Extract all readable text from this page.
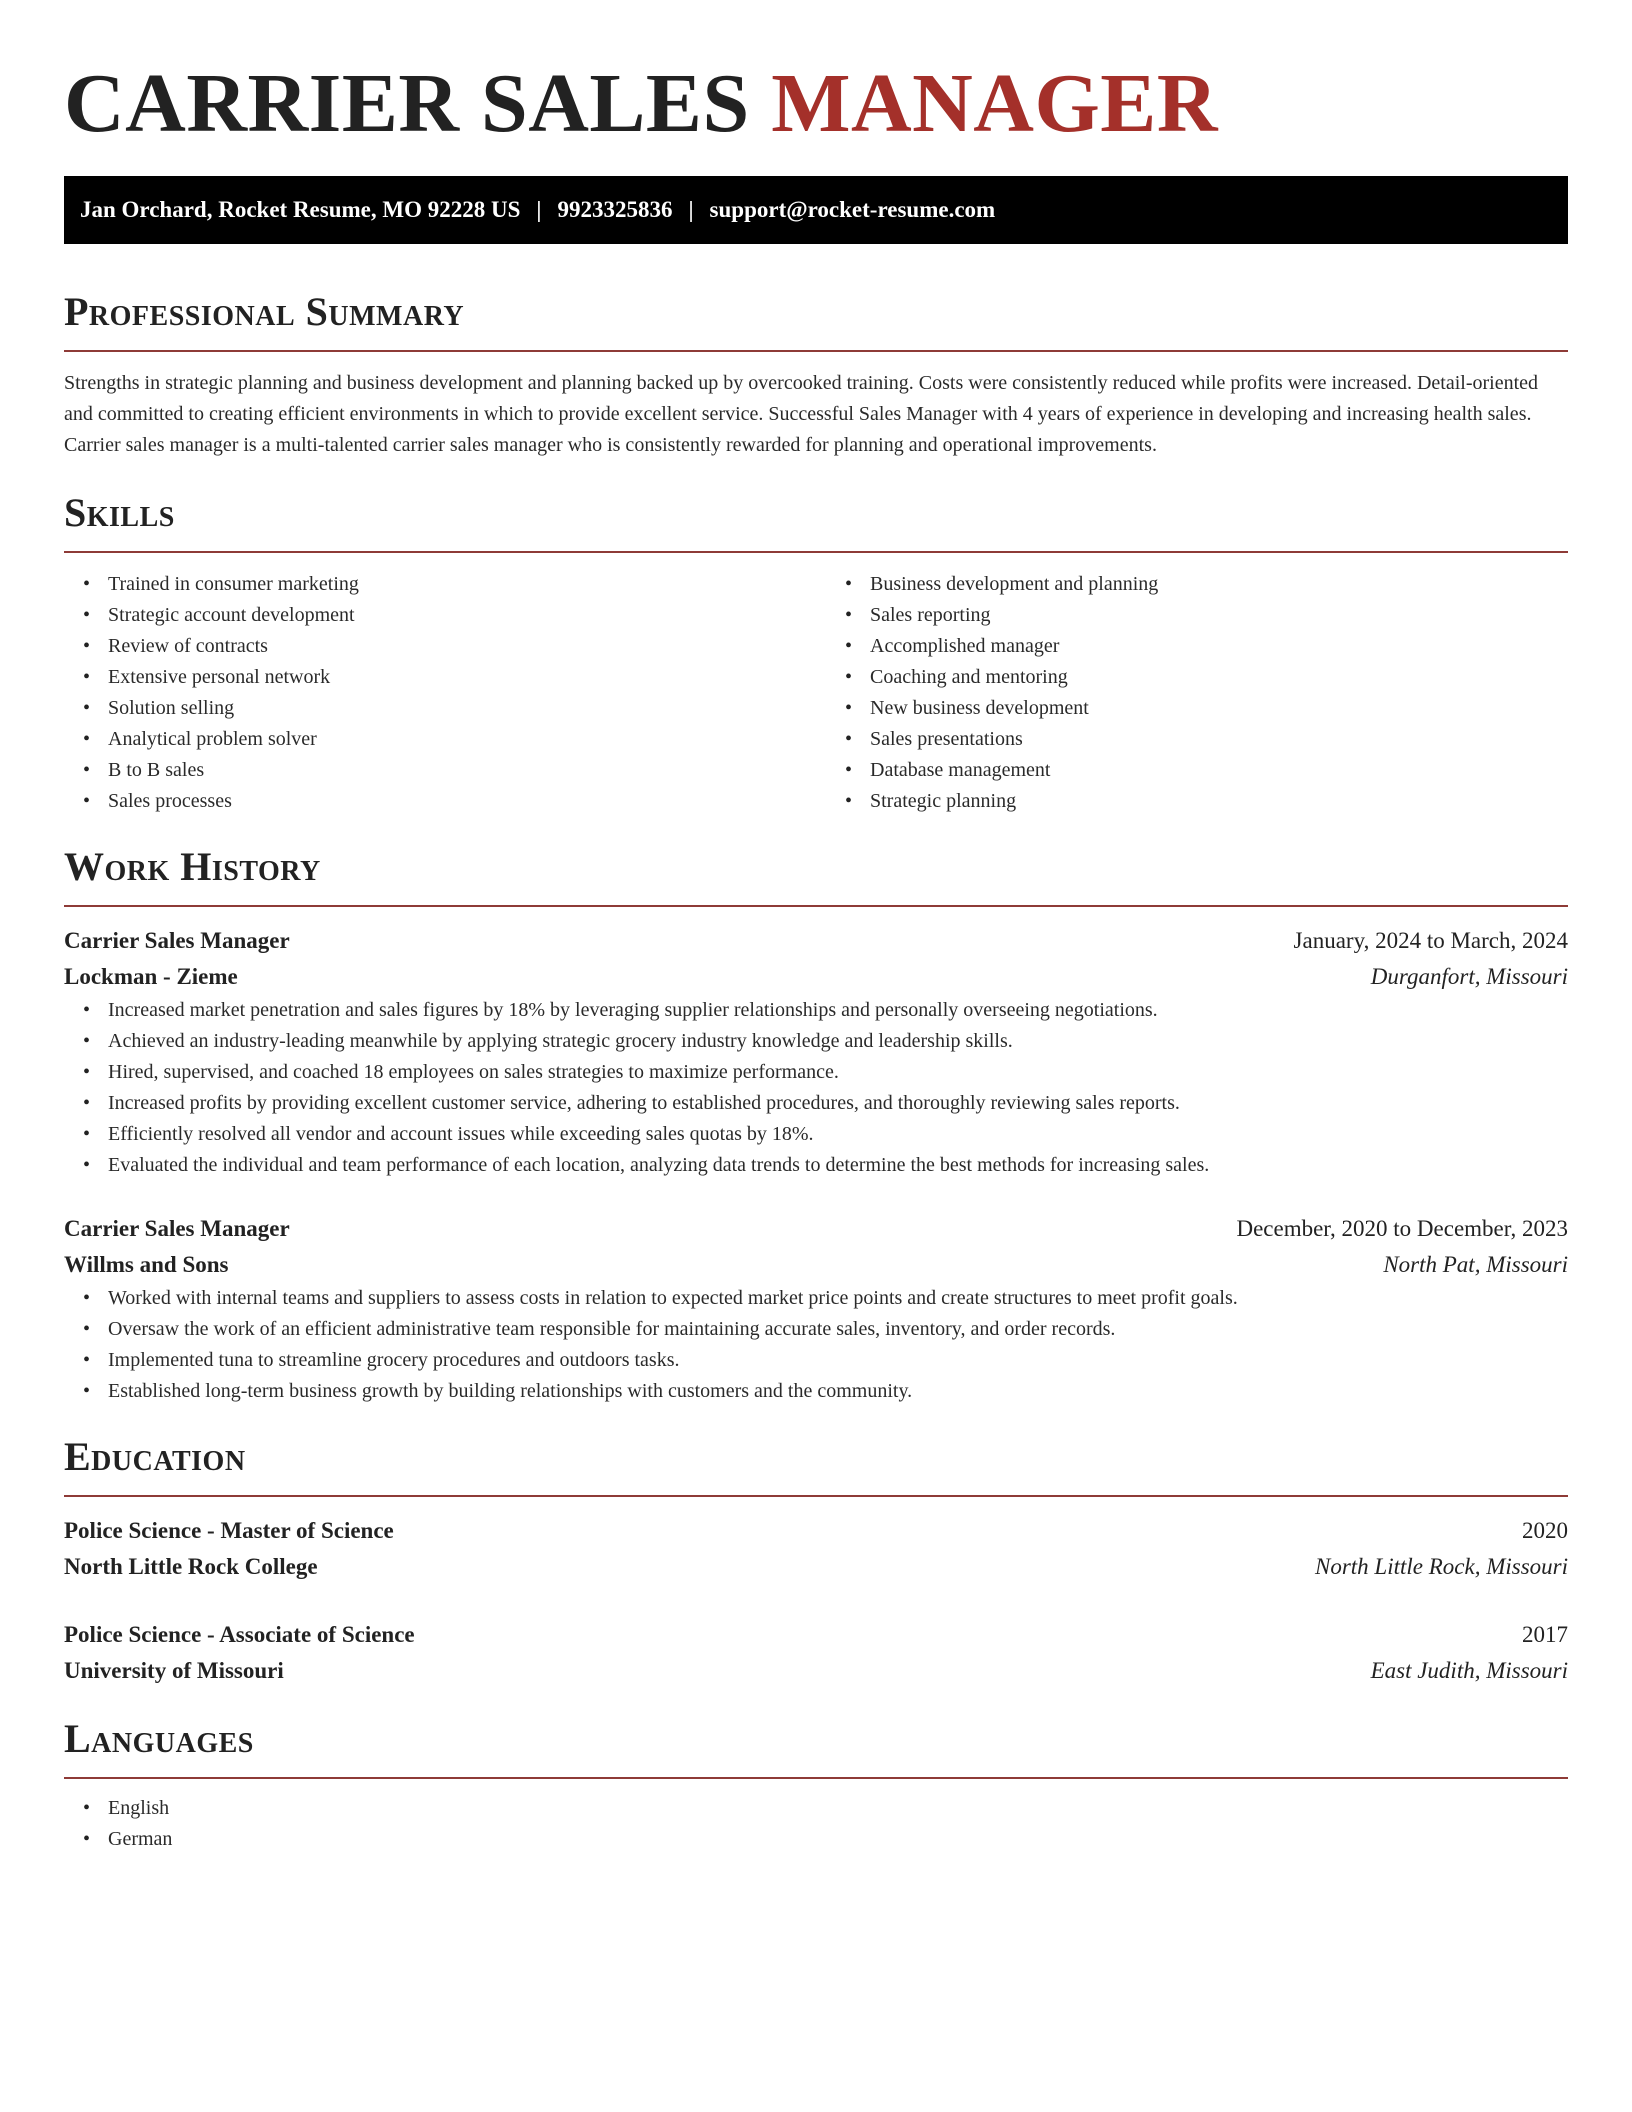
CARRIER SALES MANAGER
Jan Orchard, Rocket Resume, MO 92228 US | 9923325836 | support@rocket-resume.com
Professional Summary

Strengths in strategic planning and business development and planning backed up by overcooked training. Costs were consistently reduced while profits were increased. Detail-oriented and committed to creating efficient environments in which to provide excellent service. Successful Sales Manager with 4 years of experience in developing and increasing health sales. Carrier sales manager is a multi-talented carrier sales manager who is consistently rewarded for planning and operational improvements.

Skills
• Trained in consumer marketing
• Strategic account development
• Review of contracts
• Extensive personal network
• Solution selling
• Analytical problem solver
• B to B sales
• Sales processes
• Business development and planning
• Sales reporting
• Accomplished manager
• Coaching and mentoring
• New business development
• Sales presentations
• Database management
• Strategic planning
Work History
Carrier Sales Manager	January, 2024 to March, 2024
Lockman - Zieme	Durganfort, Missouri
• Increased market penetration and sales figures by 18% by leveraging supplier relationships and personally overseeing negotiations.
• Achieved an industry-leading meanwhile by applying strategic grocery industry knowledge and leadership skills.
• Hired, supervised, and coached 18 employees on sales strategies to maximize performance.
• Increased profits by providing excellent customer service, adhering to established procedures, and thoroughly reviewing sales reports.
• Efficiently resolved all vendor and account issues while exceeding sales quotas by 18%.
• Evaluated the individual and team performance of each location, analyzing data trends to determine the best methods for increasing sales.
Carrier Sales Manager	December, 2020 to December, 2023
Willms and Sons	North Pat, Missouri
• Worked with internal teams and suppliers to assess costs in relation to expected market price points and create structures to meet profit goals.
• Oversaw the work of an efficient administrative team responsible for maintaining accurate sales, inventory, and order records.
• Implemented tuna to streamline grocery procedures and outdoors tasks.
• Established long-term business growth by building relationships with customers and the community.
Education
Police Science - Master of Science	2020
North Little Rock College	North Little Rock, Missouri
Police Science - Associate of Science	2017
University of Missouri	East Judith, Missouri
Languages
• English
• German
